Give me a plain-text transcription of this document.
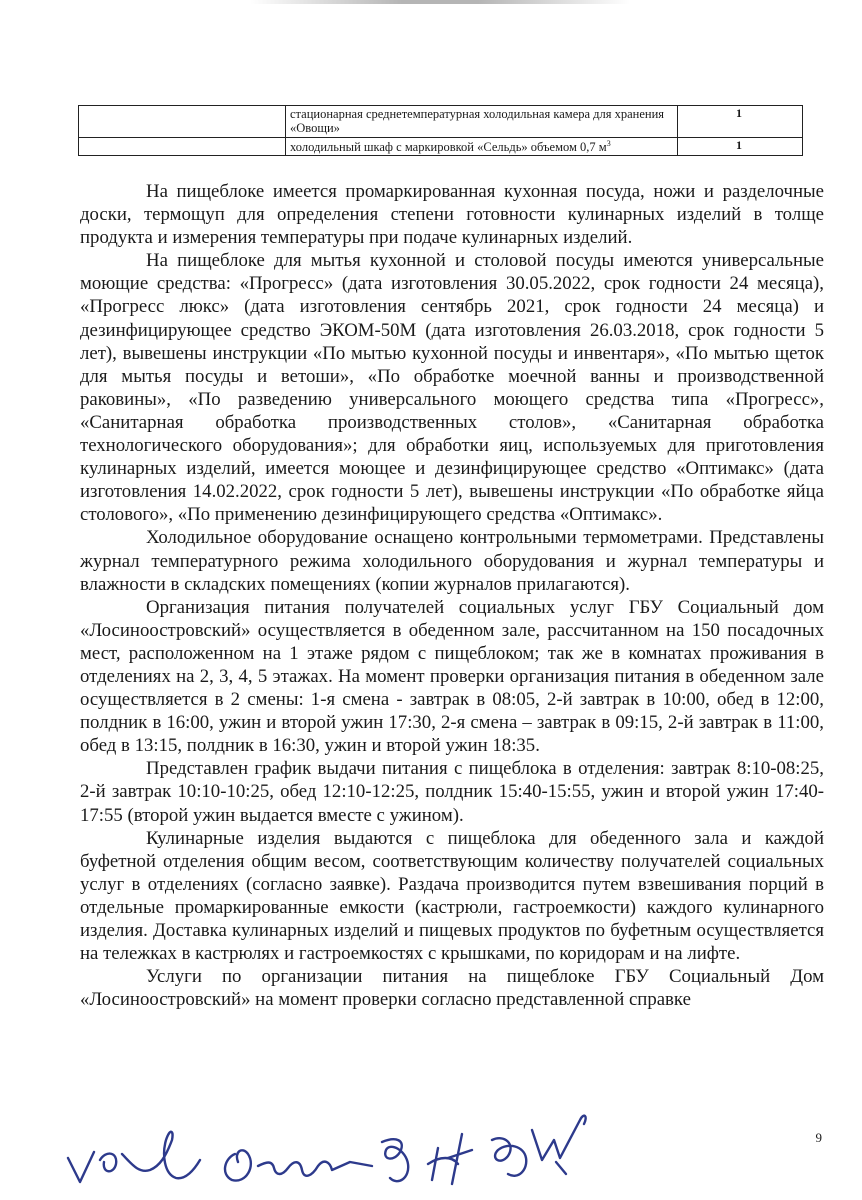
	стационарная среднетемпературная холодильная камера для хранения «Овощи»	1
	холодильный шкаф с маркировкой «Сельдь» объемом 0,7 $м^3$	1

На пищеблоке имеется промаркированная кухонная посуда, ножи и разделочные доски, термощуп для определения степени готовности кулинарных изделий в толще продукта и измерения температуры при подаче кулинарных изделий.

На пищеблоке для мытья кухонной и столовой посуды имеются универсальные моющие средства: «Прогресс» (дата изготовления 30.05.2022, срок годности 24 месяца), «Прогресс люкс» (дата изготовления сентябрь 2021, срок годности 24 месяца) и дезинфицирующее средство ЭКОМ-50М (дата изготовления 26.03.2018, срок годности 5 лет), вывешены инструкции «По мытью кухонной посуды и инвентаря», «По мытью щеток для мытья посуды и ветоши», «По обработке моечной ванны и производственной раковины», «По разведению универсального моющего средства типа «Прогресс», «Санитарная обработка производственных столов», «Санитарная обработка технологического оборудования»; для обработки яиц, используемых для приготовления кулинарных изделий, имеется моющее и дезинфицирующее средство «Оптимакс» (дата изготовления 14.02.2022, срок годности 5 лет), вывешены инструкции «По обработке яйца столового», «По применению дезинфицирующего средства «Оптимакс».

Холодильное оборудование оснащено контрольными термометрами. Представлены журнал температурного режима холодильного оборудования и журнал температуры и влажности в складских помещениях (копии журналов прилагаются).

Организация питания получателей социальных услуг ГБУ Социальный дом «Лосиноостровский» осуществляется в обеденном зале, рассчитанном на 150 посадочных мест, расположенном на 1 этаже рядом с пищеблоком; так же в комнатах проживания в отделениях на 2, 3, 4, 5 этажах. На момент проверки организация питания в обеденном зале осуществляется в 2 смены: 1-я смена - завтрак в 08:05, 2-й завтрак в 10:00, обед в 12:00, полдник в 16:00, ужин и второй ужин 17:30, 2-я смена – завтрак в 09:15, 2-й завтрак в 11:00, обед в 13:15, полдник в 16:30, ужин и второй ужин 18:35.

Представлен график выдачи питания с пищеблока в отделения: завтрак 8:10-08:25, 2-й завтрак 10:10-10:25, обед 12:10-12:25, полдник 15:40-15:55, ужин и второй ужин 17:40-17:55 (второй ужин выдается вместе с ужином).

Кулинарные изделия выдаются с пищеблока для обеденного зала и каждой буфетной отделения общим весом, соответствующим количеству получателей социальных услуг в отделениях (согласно заявке). Раздача производится путем взвешивания порций в отдельные промаркированные емкости (кастрюли, гастроемкости) каждого кулинарного изделия. Доставка кулинарных изделий и пищевых продуктов по буфетным осуществляется на тележках в кастрюлях и гастроемкостях с крышками, по коридорам и на лифте.

Услуги по организации питания на пищеблоке ГБУ Социальный Дом «Лосиноостровский» на момент проверки согласно представленной справке

9
